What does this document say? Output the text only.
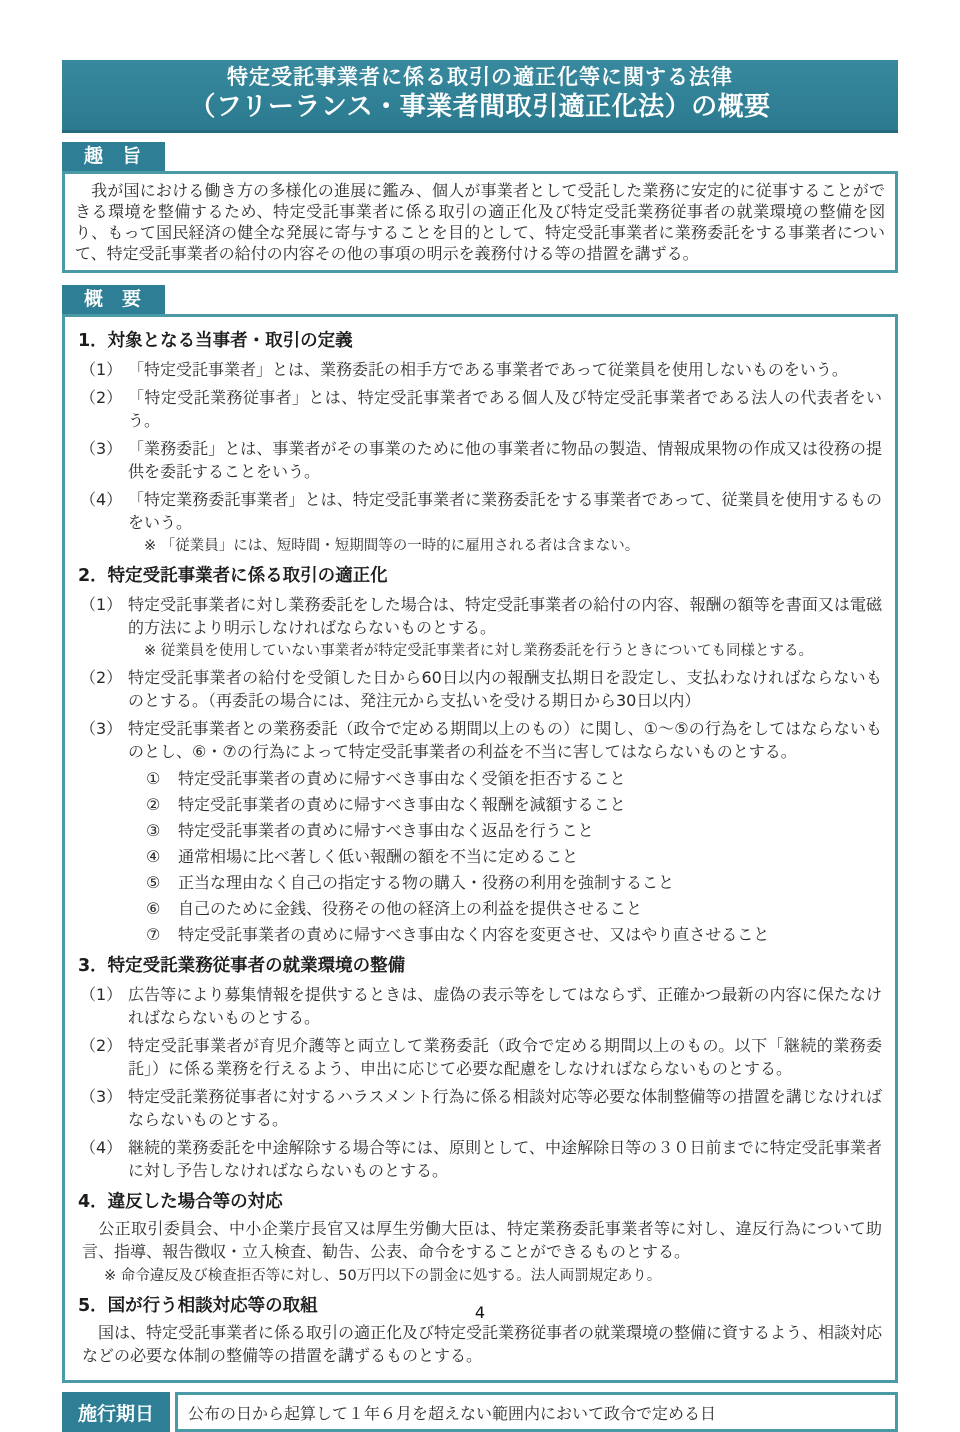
特定受託事業者に係る取引の適正化等に関する法律
（フリーランス・事業者間取引適正化法）の概要
趣　旨

　我が国における働き方の多様化の進展に鑑み、個人が事業者として受託した業務に安定的に従事することができる環境を整備するため、特定受託事業者に係る取引の適正化及び特定受託業務従事者の就業環境の整備を図り、もって国民経済の健全な発展に寄与することを目的として、特定受託事業者に業務委託をする事業者について、特定受託事業者の給付の内容その他の事項の明示を義務付ける等の措置を講ずる。

概　要
1．対象となる当事者・取引の定義
（1） 「特定受託事業者」とは、業務委託の相手方である事業者であって従業員を使用しないものをいう。
（2） 「特定受託業務従事者」とは、特定受託事業者である個人及び特定受託事業者である法人の代表者をいう。
（3） 「業務委託」とは、事業者がその事業のために他の事業者に物品の製造、情報成果物の作成又は役務の提供を委託することをいう。
（4） 「特定業務委託事業者」とは、特定受託事業者に業務委託をする事業者であって、従業員を使用するものをいう。
※ 「従業員」には、短時間・短期間等の一時的に雇用される者は含まない。
2．特定受託事業者に係る取引の適正化
（1） 特定受託事業者に対し業務委託をした場合は、特定受託事業者の給付の内容、報酬の額等を書面又は電磁的方法により明示しなければならないものとする。
※ 従業員を使用していない事業者が特定受託事業者に対し業務委託を行うときについても同様とする。
（2） 特定受託事業者の給付を受領した日から60日以内の報酬支払期日を設定し、支払わなければならないものとする。（再委託の場合には、発注元から支払いを受ける期日から30日以内）
（3） 特定受託事業者との業務委託（政令で定める期間以上のもの）に関し、①～⑤の行為をしてはならないものとし、⑥・⑦の行為によって特定受託事業者の利益を不当に害してはならないものとする。
① 特定受託事業者の責めに帰すべき事由なく受領を拒否すること
② 特定受託事業者の責めに帰すべき事由なく報酬を減額すること
③ 特定受託事業者の責めに帰すべき事由なく返品を行うこと
④ 通常相場に比べ著しく低い報酬の額を不当に定めること
⑤ 正当な理由なく自己の指定する物の購入・役務の利用を強制すること
⑥ 自己のために金銭、役務その他の経済上の利益を提供させること
⑦ 特定受託事業者の責めに帰すべき事由なく内容を変更させ、又はやり直させること
3．特定受託業務従事者の就業環境の整備
（1） 広告等により募集情報を提供するときは、虚偽の表示等をしてはならず、正確かつ最新の内容に保たなければならないものとする。
（2） 特定受託事業者が育児介護等と両立して業務委託（政令で定める期間以上のもの。以下「継続的業務委託」）に係る業務を行えるよう、申出に応じて必要な配慮をしなければならないものとする。
（3） 特定受託業務従事者に対するハラスメント行為に係る相談対応等必要な体制整備等の措置を講じなければならないものとする。
（4） 継続的業務委託を中途解除する場合等には、原則として、中途解除日等の３０日前までに特定受託事業者に対し予告しなければならないものとする。
4．違反した場合等の対応

　公正取引委員会、中小企業庁長官又は厚生労働大臣は、特定業務委託事業者等に対し、違反行為について助言、指導、報告徴収・立入検査、勧告、公表、命令をすることができるものとする。

※ 命令違反及び検査拒否等に対し、50万円以下の罰金に処する。法人両罰規定あり。
5．国が行う相談対応等の取組

　国は、特定受託事業者に係る取引の適正化及び特定受託業務従事者の就業環境の整備に資するよう、相談対応などの必要な体制の整備等の措置を講ずるものとする。

施行期日	公布の日から起算して１年６月を超えない範囲内において政令で定める日
4
